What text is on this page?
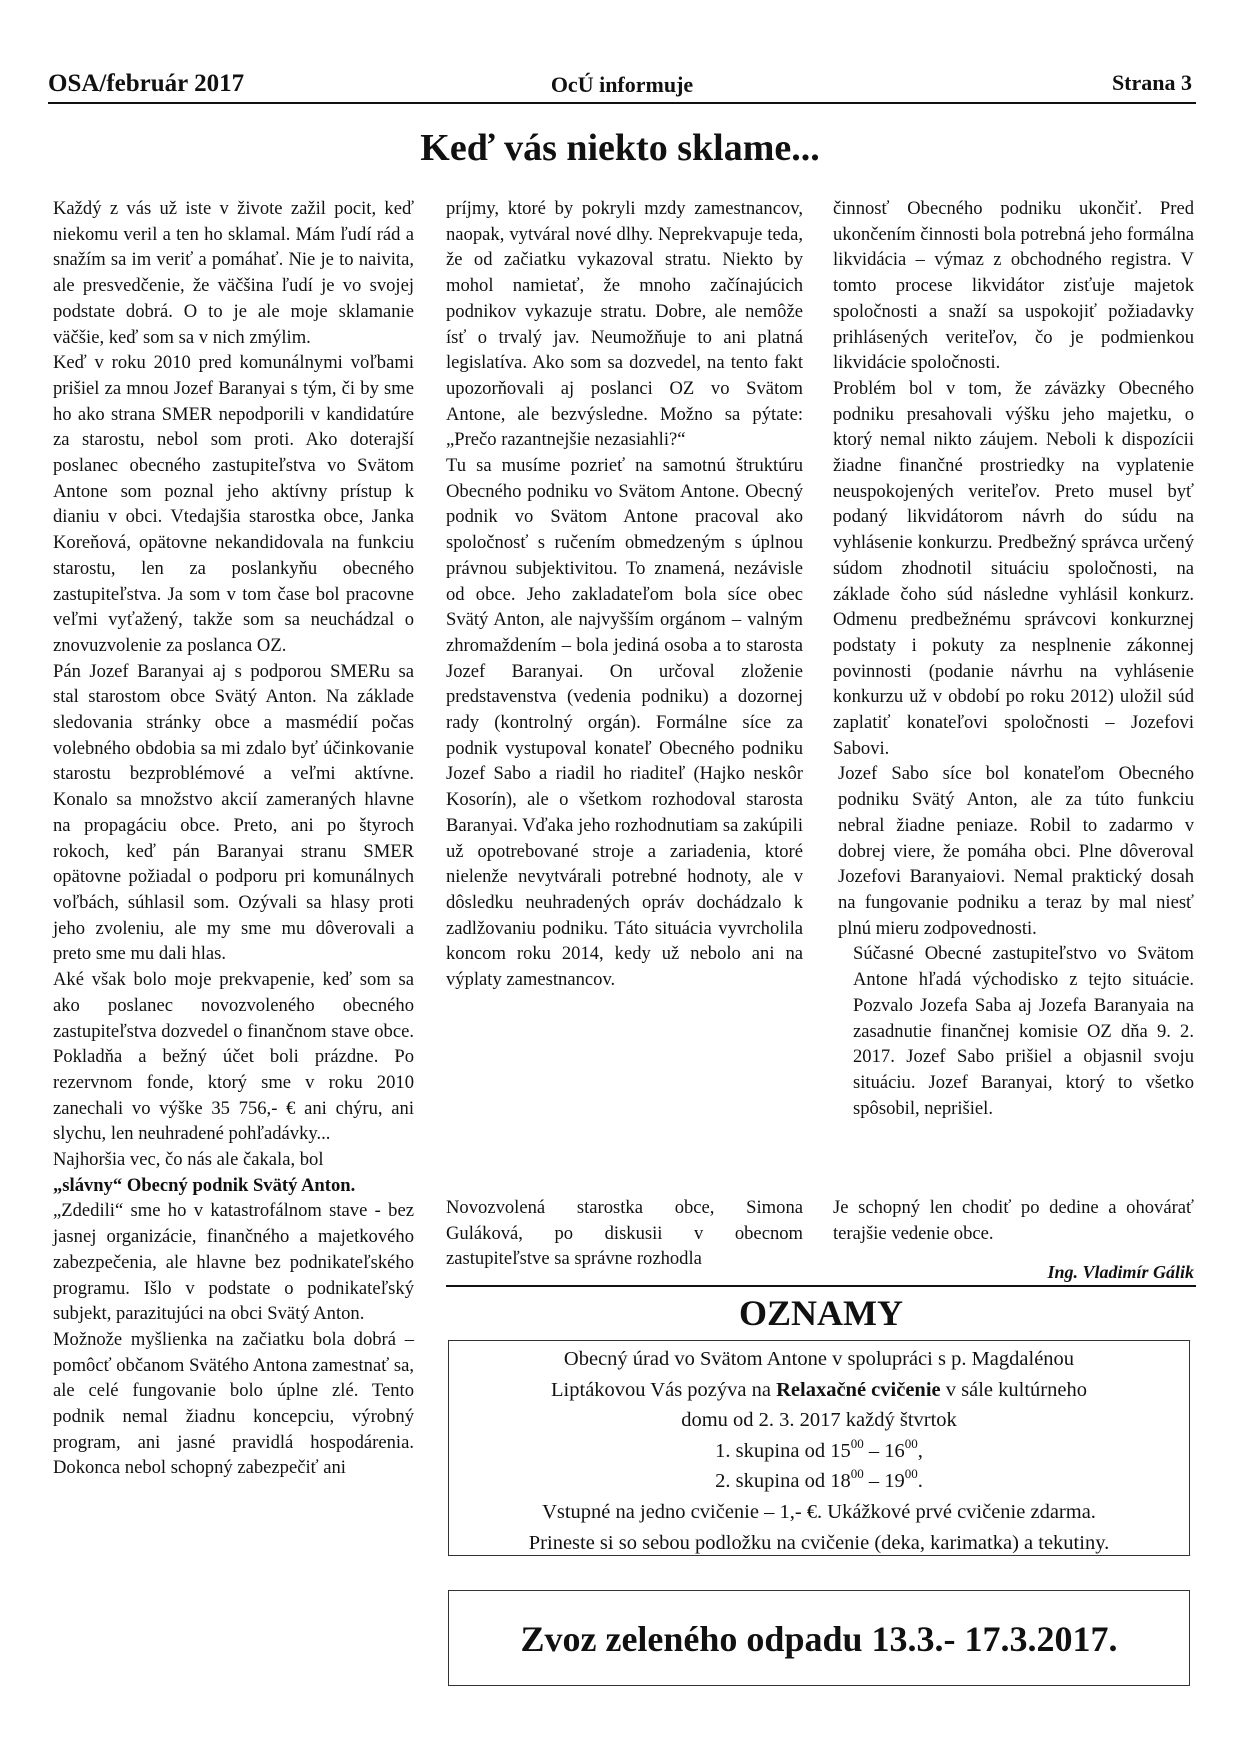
OSA/február 2017	OcÚ informuje	Strana 3
Keď vás niekto sklame...

Každý z vás už iste v živote zažil pocit, keď niekomu veril a ten ho sklamal. Mám ľudí rád a snažím sa im veriť a pomáhať. Nie je to naivita, ale presvedčenie, že väčšina ľudí je vo svojej podstate dobrá. O to je ale moje sklamanie väčšie, keď som sa v nich zmýlim.

Keď v roku 2010 pred komunálnymi voľbami prišiel za mnou Jozef Baranyai s tým, či by sme ho ako strana SMER nepodporili v kandidatúre za starostu, nebol som proti. Ako doterajší poslanec obecného zastupiteľstva vo Svätom Antone som poznal jeho aktívny prístup k dianiu v obci. Vtedajšia starostka obce, Janka Koreňová, opätovne nekandidovala na funkciu starostu, len za poslankyňu obecného zastupiteľstva. Ja som v tom čase bol pracovne veľmi vyťažený, takže som sa neuchádzal o znovuzvolenie za poslanca OZ.

Pán Jozef Baranyai aj s podporou SMERu sa stal starostom obce Svätý Anton. Na základe sledovania stránky obce a masmédií počas volebného obdobia sa mi zdalo byť účinkovanie starostu bezproblémové a veľmi aktívne. Konalo sa množstvo akcií zameraných hlavne na propagáciu obce. Preto, ani po štyroch rokoch, keď pán Baranyai stranu SMER opätovne požiadal o podporu pri komunálnych voľbách, súhlasil som. Ozývali sa hlasy proti jeho zvoleniu, ale my sme mu dôverovali a preto sme mu dali hlas.

Aké však bolo moje prekvapenie, keď som sa ako poslanec novozvoleného obecného zastupiteľstva dozvedel o finančnom stave obce. Pokladňa a bežný účet boli prázdne. Po rezervnom fonde, ktorý sme v roku 2010 zanechali vo výške 35 756,- € ani chýru, ani slychu, len neuhradené pohľadávky...

Najhoršia vec, čo nás ale čakala, bol

„slávny“ Obecný podnik Svätý Anton.

„Zdedili“ sme ho v katastrofálnom stave - bez jasnej organizácie, finančného a majetkového zabezpečenia, ale hlavne bez podnikateľského programu. Išlo v podstate o podnikateľský subjekt, parazitujúci na obci Svätý Anton.

Možnože myšlienka na začiatku bola dobrá – pomôcť občanom Svätého Antona zamestnať sa, ale celé fungovanie bolo úplne zlé. Tento podnik nemal žiadnu koncepciu, výrobný program, ani jasné pravidlá hospodárenia. Dokonca nebol schopný zabezpečiť ani

príjmy, ktoré by pokryli mzdy zamestnancov, naopak, vytváral nové dlhy. Neprekvapuje teda, že od začiatku vykazoval stratu. Niekto by mohol namietať, že mnoho začínajúcich podnikov vykazuje stratu. Dobre, ale nemôže ísť o trvalý jav. Neumožňuje to ani platná legislatíva. Ako som sa dozvedel, na tento fakt upozorňovali aj poslanci OZ vo Svätom Antone, ale bezvýsledne. Možno sa pýtate: „Prečo razantnejšie nezasiahli?“

Tu sa musíme pozrieť na samotnú štruktúru Obecného podniku vo Svätom Antone. Obecný podnik vo Svätom Antone pracoval ako spoločnosť s ručením obmedzeným s úplnou právnou subjektivitou. To znamená, nezávisle od obce. Jeho zakladateľom bola síce obec Svätý Anton, ale najvyšším orgánom – valným zhromaždením – bola jediná osoba a to starosta Jozef Baranyai. On určoval zloženie predstavenstva (vedenia podniku) a dozornej rady (kontrolný orgán). Formálne síce za podnik vystupoval konateľ Obecného podniku Jozef Sabo a riadil ho riaditeľ (Hajko neskôr Kosorín), ale o všetkom rozhodoval starosta Baranyai. Vďaka jeho rozhodnutiam sa zakúpili už opotrebované stroje a zariadenia, ktoré nielenže nevytvárali potrebné hodnoty, ale v dôsledku neuhradených opráv dochádzalo k zadlžovaniu podniku. Táto situácia vyvrcholila koncom roku 2014, kedy už nebolo ani na výplaty zamestnancov.

Novozvolená starostka obce, Simona Guláková, po diskusii v obecnom zastupiteľstve sa správne rozhodla

činnosť Obecného podniku ukončiť. Pred ukončením činnosti bola potrebná jeho formálna likvidácia – výmaz z obchodného registra. V tomto procese likvidátor zisťuje majetok spoločnosti a snaží sa uspokojiť požiadavky prihlásených veriteľov, čo je podmienkou likvidácie spoločnosti.

Problém bol v tom, že záväzky Obecného podniku presahovali výšku jeho majetku, o ktorý nemal nikto záujem. Neboli k dispozícii žiadne finančné prostriedky na vyplatenie neuspokojených veriteľov. Preto musel byť podaný likvidátorom návrh do súdu na vyhlásenie konkurzu. Predbežný správca určený súdom zhodnotil situáciu spoločnosti, na základe čoho súd následne vyhlásil konkurz. Odmenu predbežnému správcovi konkurznej podstaty i pokuty za nesplnenie zákonnej povinnosti (podanie návrhu na vyhlásenie konkurzu už v období po roku 2012) uložil súd zaplatiť konateľovi spoločnosti – Jozefovi Sabovi.

Jozef Sabo síce bol konateľom Obecného podniku Svätý Anton, ale za túto funkciu nebral žiadne peniaze. Robil to zadarmo v dobrej viere, že pomáha obci. Plne dôveroval Jozefovi Baranyaiovi. Nemal praktický dosah na fungovanie podniku a teraz by mal niesť plnú mieru zodpovednosti.

Súčasné Obecné zastupiteľstvo vo Svätom Antone hľadá východisko z tejto situácie. Pozvalo Jozefa Saba aj Jozefa Baranyaia na zasadnutie finančnej komisie OZ dňa 9. 2. 2017. Jozef Sabo prišiel a objasnil svoju situáciu. Jozef Baranyai, ktorý to všetko spôsobil, neprišiel.

Je schopný len chodiť po dedine a ohovárať terajšie vedenie obce.

Ing. Vladimír Gálik
OZNAMY
Obecný úrad vo Svätom Antone v spolupráci s p. Magdalénou
Liptákovou Vás pozýva na Relaxačné cvičenie v sále kultúrneho
domu od 2. 3. 2017 každý štvrtok
1. skupina od $15^{00} - 16^{00}$,
2. skupina od $18^{00} - 19^{00}$.
Vstupné na jedno cvičenie – 1,- €. Ukážkové prvé cvičenie zdarma.
Prineste si so sebou podložku na cvičenie (deka, karimatka) a tekutiny.
Zvoz zeleného odpadu 13.3.- 17.3.2017.
